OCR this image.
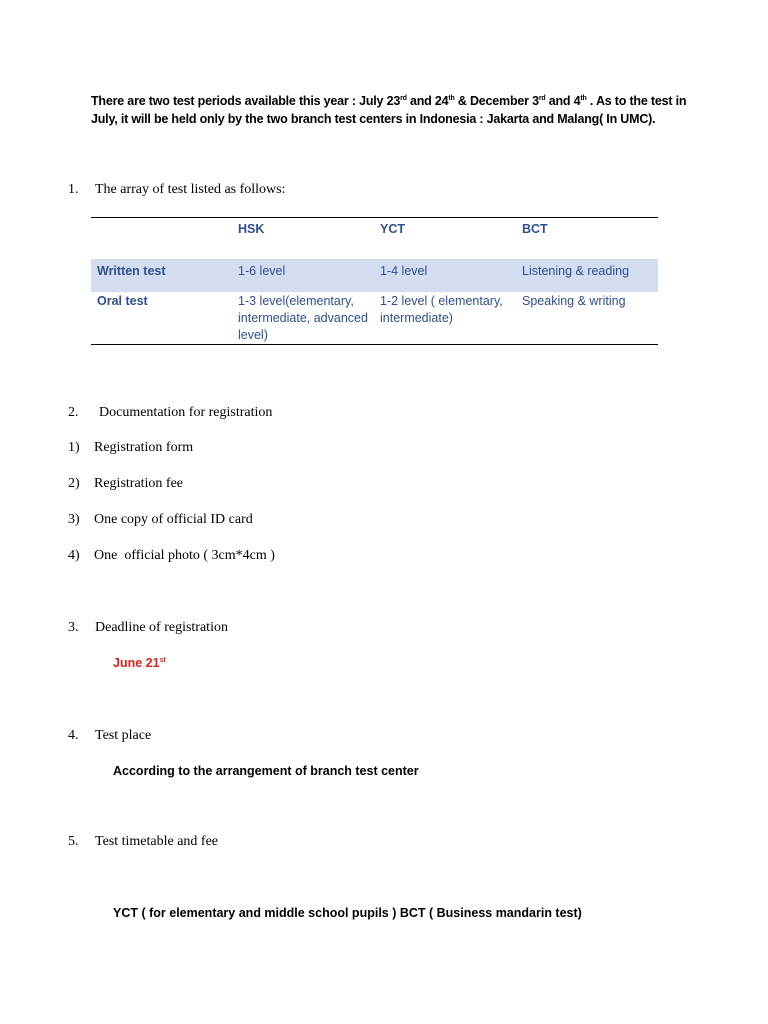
There are two test periods available this year : July 23rd and 24th & December 3rd and 4th . As to the test in July, it will be held only by the two branch test centers in Indonesia : Jakarta and Malang( In UMC).
1. The array of test listed as follows:
	HSK	YCT	BCT
Written test	1-6 level	1-4 level	Listening & reading
Oral test	1-3 level(elementary, intermediate, advanced level)	1-2 level ( elementary, intermediate)	Speaking & writing
2. Documentation for registration
1) Registration form
2) Registration fee
3) One copy of official ID card
4) One  official photo ( 3cm*4cm )
3. Deadline of registration
June 21st
4. Test place
According to the arrangement of branch test center
5. Test timetable and fee
YCT ( for elementary and middle school pupils ) BCT ( Business mandarin test)
